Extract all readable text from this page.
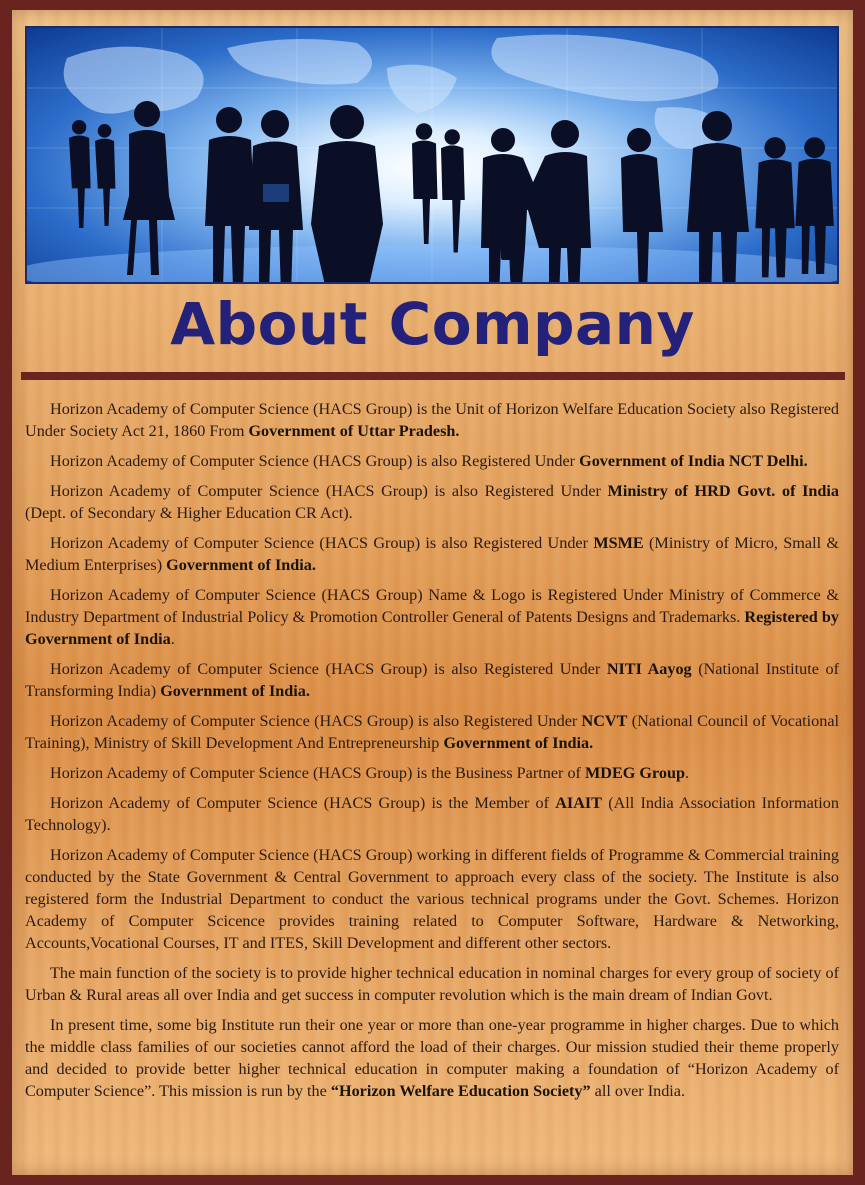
About Company

Horizon Academy of Computer Science (HACS Group) is the Unit of Horizon Welfare Education Society also Registered Under Society Act 21, 1860 From Government of Uttar Pradesh.

Horizon Academy of Computer Science (HACS Group) is also Registered Under Government of India NCT Delhi.

Horizon Academy of Computer Science (HACS Group) is also Registered Under Ministry of HRD Govt. of India (Dept. of Secondary & Higher Education CR Act).

Horizon Academy of Computer Science (HACS Group) is also Registered Under MSME (Ministry of Micro, Small & Medium Enterprises) Government of India.

Horizon Academy of Computer Science (HACS Group) Name & Logo is Registered Under Ministry of Commerce & Industry Department of Industrial Policy & Promotion Controller General of Patents Designs and Trademarks. Registered by Government of India.

Horizon Academy of Computer Science (HACS Group) is also Registered Under NITI Aayog (National Institute of Transforming India) Government of India.

Horizon Academy of Computer Science (HACS Group) is also Registered Under NCVT (National Council of Vocational Training), Ministry of Skill Development And Entrepreneurship Government of India.

Horizon Academy of Computer Science (HACS Group) is the Business Partner of MDEG Group.

Horizon Academy of Computer Science (HACS Group) is the Member of AIAIT (All India Association Information Technology).

Horizon Academy of Computer Science (HACS Group) working in different fields of Programme & Commercial training conducted by the State Government & Central Government to approach every class of the society. The Institute is also registered form the Industrial Department to conduct the various technical programs under the Govt. Schemes. Horizon Academy of Computer Scicence provides training related to Computer Software, Hardware & Networking, Accounts,Vocational Courses, IT and ITES, Skill Development and different other sectors.

The main function of the society is to provide higher technical education in nominal charges for every group of society of Urban & Rural areas all over India and get success in computer revolution which is the main dream of Indian Govt.

In present time, some big Institute run their one year or more than one-year programme in higher charges. Due to which the middle class families of our societies cannot afford the load of their charges. Our mission studied their theme properly and decided to provide better higher technical education in computer making a foundation of “Horizon Academy of Computer Science”. This mission is run by the “Horizon Welfare Education Society” all over India.
